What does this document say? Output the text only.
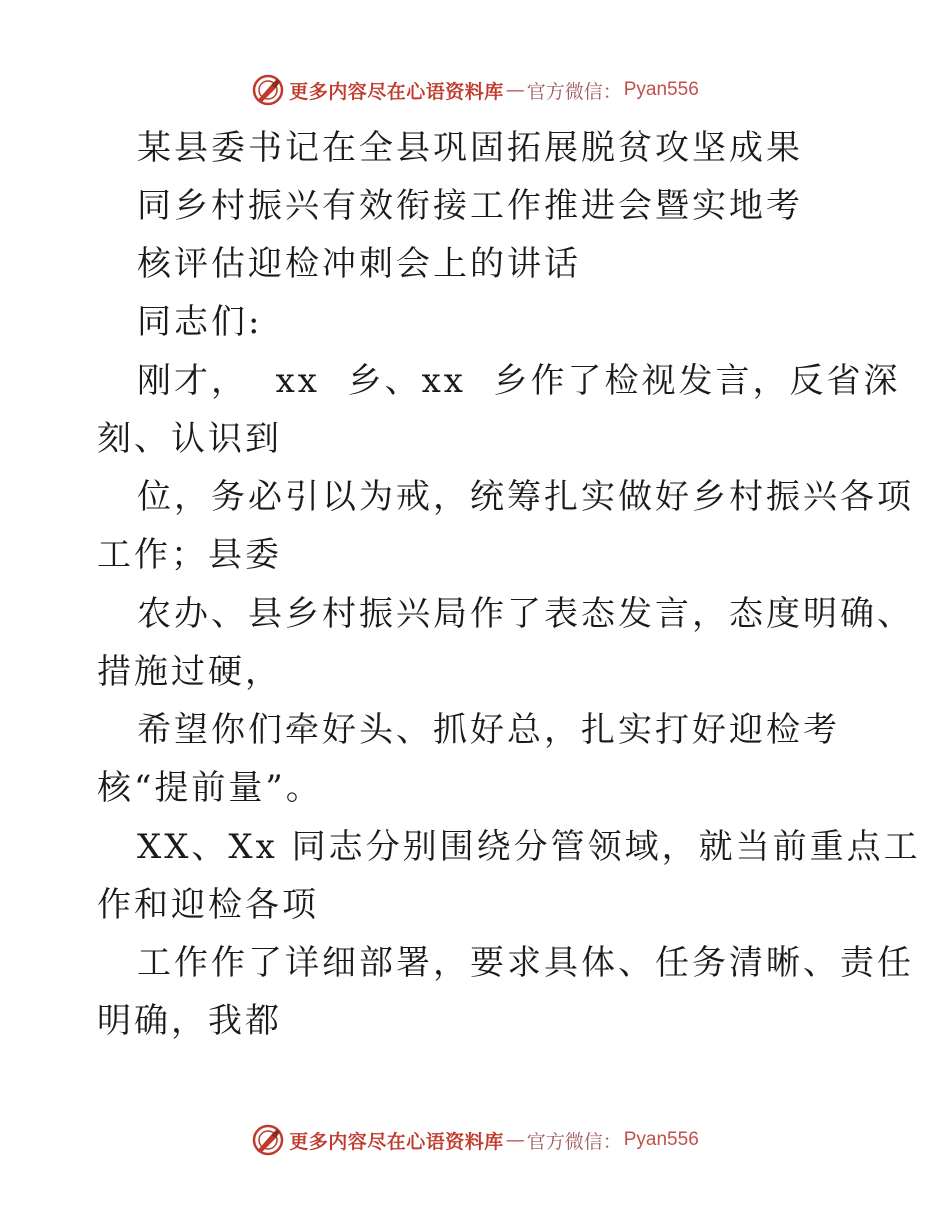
更多内容尽在心语资料库 — 官方微信： Pyan556
某县委书记在全县巩固拓展脱贫攻坚成果
同乡村振兴有效衔接工作推进会暨实地考
核评估迎检冲刺会上的讲话
同志们:
刚才，  xx  乡、xx  乡作了检视发言，反省深
刻、认识到
位，务必引以为戒，统筹扎实做好乡村振兴各项
工作；县委
农办、县乡村振兴局作了表态发言，态度明确、
措施过硬，
希望你们牵好头、抓好总，扎实打好迎检考
核“提前量”。
XX、Xx 同志分别围绕分管领域，就当前重点工
作和迎检各项
工作作了详细部署，要求具体、任务清晰、责任
明确，我都
更多内容尽在心语资料库 — 官方微信： Pyan556
